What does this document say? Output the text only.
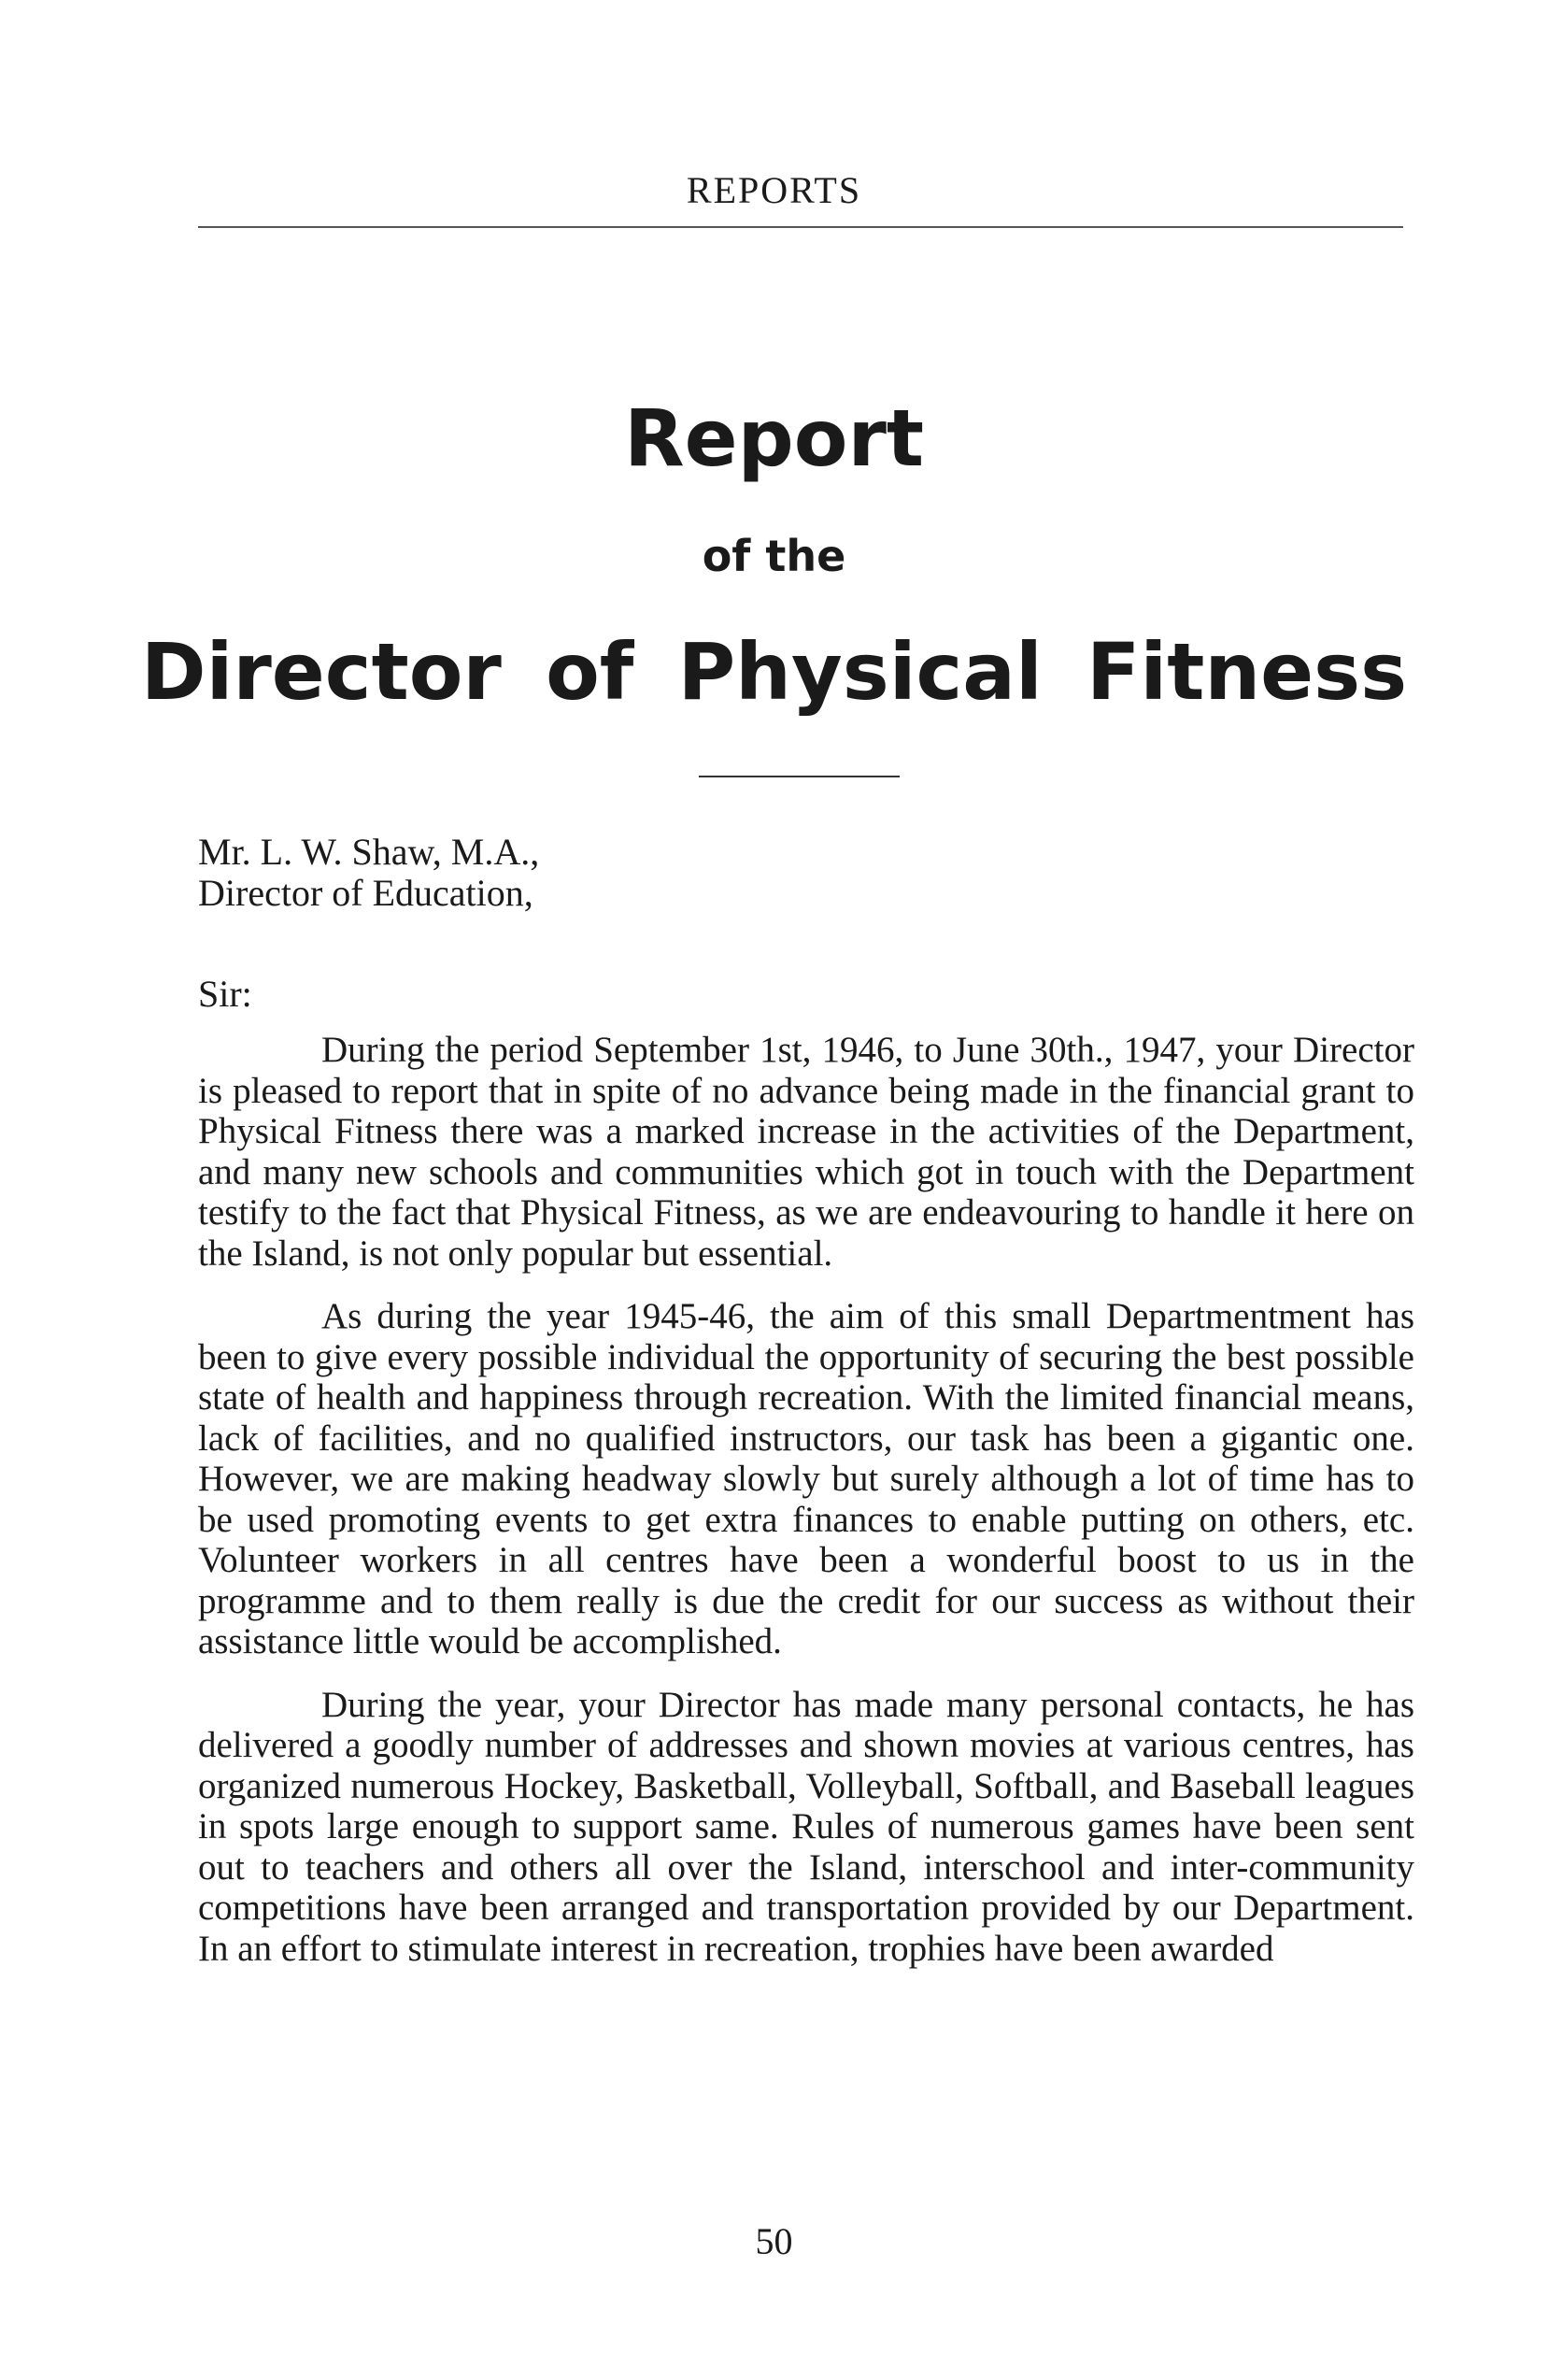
REPORTS
Report
of the
Director of Physical Fitness
Mr. L. W. Shaw, M.A.,
Director of Education,
Sir:

During the period September 1st, 1946, to June 30th., 1947, your Director is pleased to report that in spite of no advance being made in the financial grant to Physical Fitness there was a marked increase in the activities of the Department, and many new schools and communities which got in touch with the Department testify to the fact that Physical Fitness, as we are endeavouring to handle it here on the Island, is not only popular but essential.

As during the year 1945-46, the aim of this small Departmentment has been to give every possible individual the opportunity of securing the best possible state of health and happiness through recreation. With the limited financial means, lack of facilities, and no qualified instructors, our task has been a gigantic one. However, we are making headway slowly but surely although a lot of time has to be used promoting events to get extra finances to enable putting on others, etc. Volunteer workers in all centres have been a wonderful boost to us in the programme and to them really is due the credit for our success as without their assistance little would be accomplished.

During the year, your Director has made many personal contacts, he has delivered a goodly number of addresses and shown movies at various centres, has organized numerous Hockey, Basketball, Volleyball, Softball, and Baseball leagues in spots large enough to support same. Rules of numerous games have been sent out to teachers and others all over the Island, interschool and inter-community competitions have been arranged and transportation provided by our Department. In an effort to stimulate interest in recreation, trophies have been awarded

50
